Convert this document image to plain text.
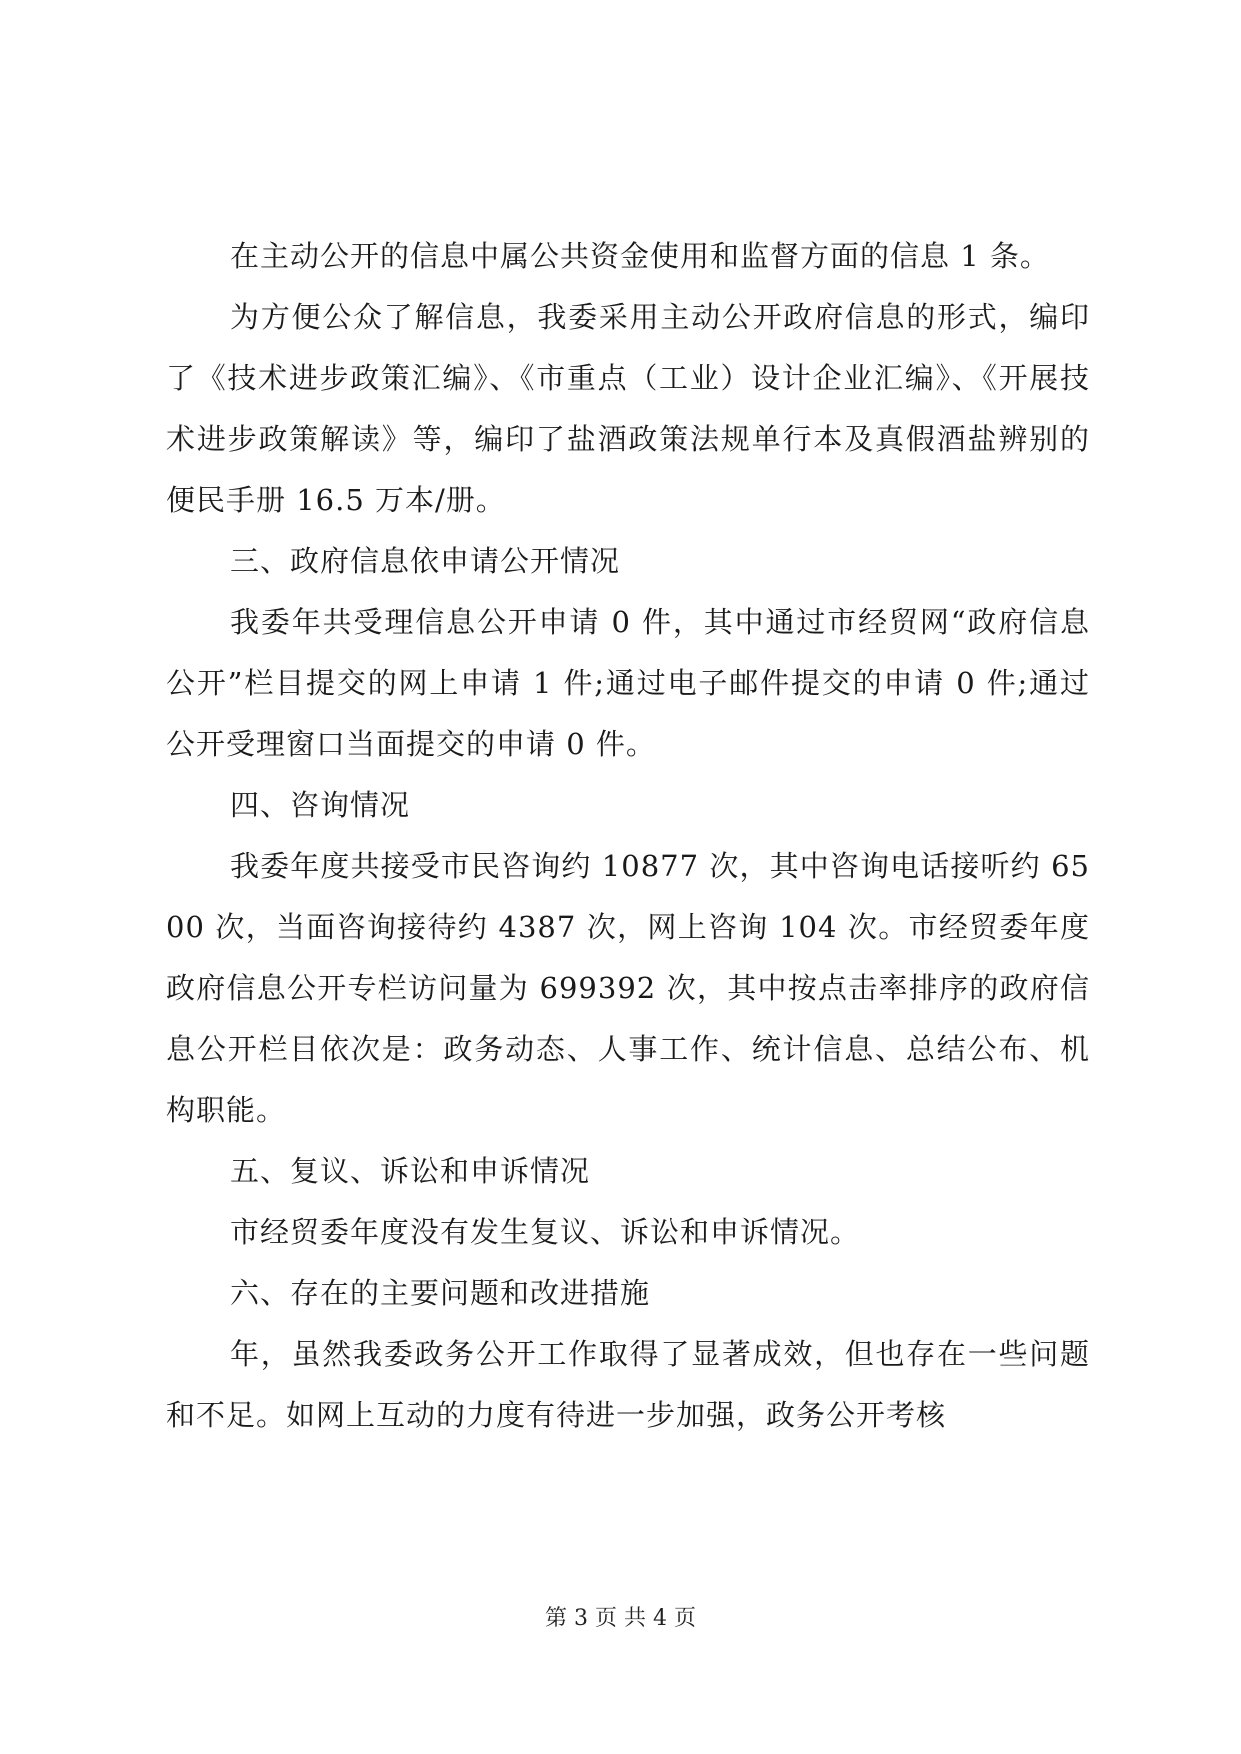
在主动公开的信息中属公共资金使用和监督方面的信息 1 条。

为方便公众了解信息，我委采用主动公开政府信息的形式，编印了《技术进步政策汇编》、《市重点（工业）设计企业汇编》、《开展技术进步政策解读》等，编印了盐酒政策法规单行本及真假酒盐辨别的便民手册 16.5 万本/册。

三、政府信息依申请公开情况

我委年共受理信息公开申请 0 件，其中通过市经贸网“政府信息公开”栏目提交的网上申请 1 件;通过电子邮件提交的申请 0 件;通过公开受理窗口当面提交的申请 0 件。

四、咨询情况

我委年度共接受市民咨询约 10877 次，其中咨询电话接听约 6500 次，当面咨询接待约 4387 次，网上咨询 104 次。市经贸委年度政府信息公开专栏访问量为 699392 次，其中按点击率排序的政府信息公开栏目依次是：政务动态、人事工作、统计信息、总结公布、机构职能。

五、复议、诉讼和申诉情况

市经贸委年度没有发生复议、诉讼和申诉情况。

六、存在的主要问题和改进措施

年，虽然我委政务公开工作取得了显著成效，但也存在一些问题和不足。如网上互动的力度有待进一步加强，政务公开考核

第 3 页 共 4 页
